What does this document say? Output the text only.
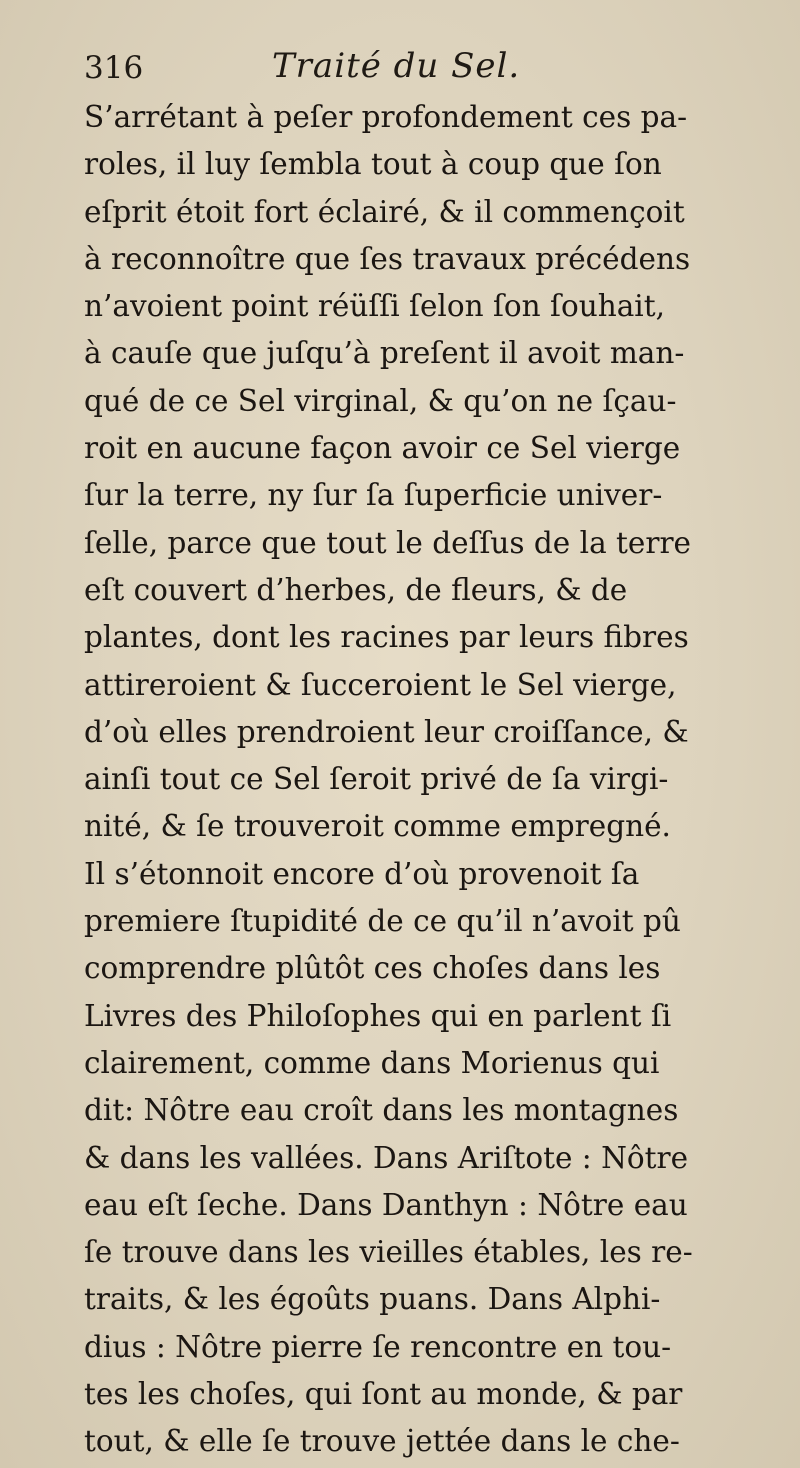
316	Traité du Sel.
S’arrétant à peſer profondement ces pa-
roles, il luy ſembla tout à coup que ſon
eſprit étoit fort éclairé, & il commençoit
à reconnoître que ſes travaux précédens
n’avoient point réüſſi ſelon ſon ſouhait,
à cauſe que juſqu’à preſent il avoit man-
qué de ce Sel virginal, & qu’on ne ſçau-
roit en aucune façon avoir ce Sel vierge
ſur la terre, ny ſur ſa ſuperficie univer-
ſelle, parce que tout le deſſus de la terre
eſt couvert d’herbes, de fleurs, & de
plantes, dont les racines par leurs fibres
attireroient & ſucceroient le Sel vierge,
d’où elles prendroient leur croiſſance, &
ainſi tout ce Sel ſeroit privé de ſa virgi-
nité, & ſe trouveroit comme empregné.
Il s’étonnoit encore d’où provenoit ſa
premiere ſtupidité de ce qu’il n’avoit pû
comprendre plûtôt ces choſes dans les
Livres des Philoſophes qui en parlent ſi
clairement, comme dans Morienus qui
dit: Nôtre eau croît dans les montagnes
& dans les vallées. Dans Ariſtote : Nôtre
eau eſt ſeche. Dans Danthyn : Nôtre eau
ſe trouve dans les vieilles étables, les re-
traits, & les égoûts puans. Dans Alphi-
dius : Nôtre pierre ſe rencontre en tou-
tes les choſes, qui ſont au monde, & par
tout, & elle ſe trouve jettée dans le che-
